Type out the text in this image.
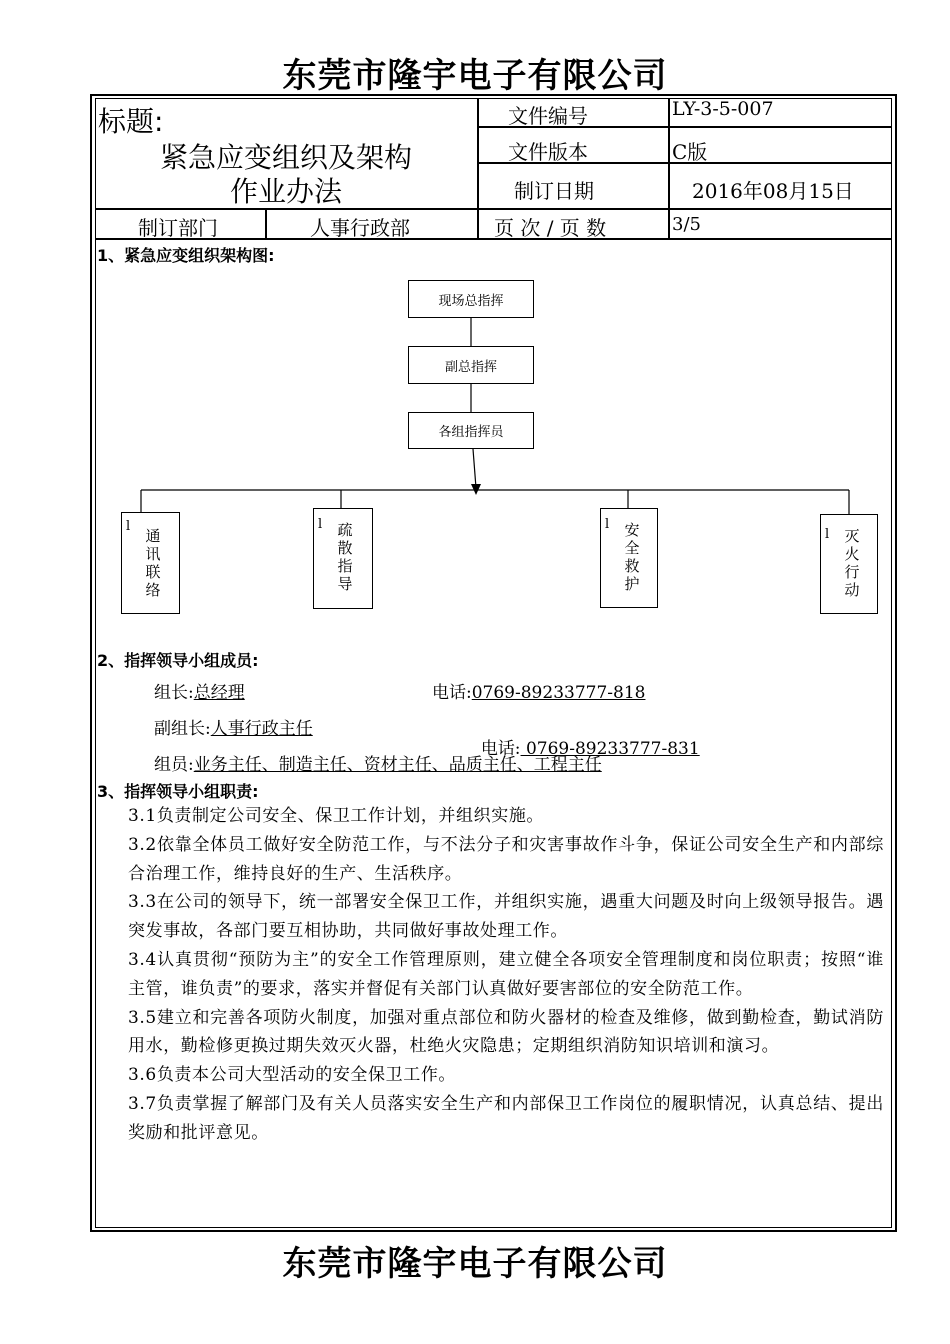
东莞市隆宇电子有限公司
标题:
紧急应变组织及架构
作业办法
文件编号	LY-3-5-007
文件版本	C版
制订日期	2016年08月15日
制订部门	人事行政部	页 次 / 页 数	3/5
1、紧急应变组织架构图:
现场总指挥
副总指挥
各组指挥员
l
通讯联络
l 疏散指导
l 安全救护
l 灭火行动
2、指挥领导小组成员:
组长:总经理	电话:0769-89233777-818
副组长:人事行政主任

电话: 0769-89233777-831

组员:业务主任、制造主任、资材主任、品质主任、工程主任
3、指挥领导小组职责:

3.1负责制定公司安全、保卫工作计划，并组织实施。

3.2依靠全体员工做好安全防范工作，与不法分子和灾害事故作斗争，保证公司安全生产和内部综合治理工作，维持良好的生产、生活秩序。

3.3在公司的领导下，统一部署安全保卫工作，并组织实施，遇重大问题及时向上级领导报告。遇突发事故，各部门要互相协助，共同做好事故处理工作。

3.4认真贯彻“预防为主”的安全工作管理原则，建立健全各项安全管理制度和岗位职责；按照“谁主管，谁负责”的要求，落实并督促有关部门认真做好要害部位的安全防范工作。

3.5建立和完善各项防火制度，加强对重点部位和防火器材的检查及维修，做到勤检查，勤试消防用水，勤检修更换过期失效灭火器，杜绝火灾隐患；定期组织消防知识培训和演习。

3.6负责本公司大型活动的安全保卫工作。

3.7负责掌握了解部门及有关人员落实安全生产和内部保卫工作岗位的履职情况，认真总结、提出奖励和批评意见。

东莞市隆宇电子有限公司
